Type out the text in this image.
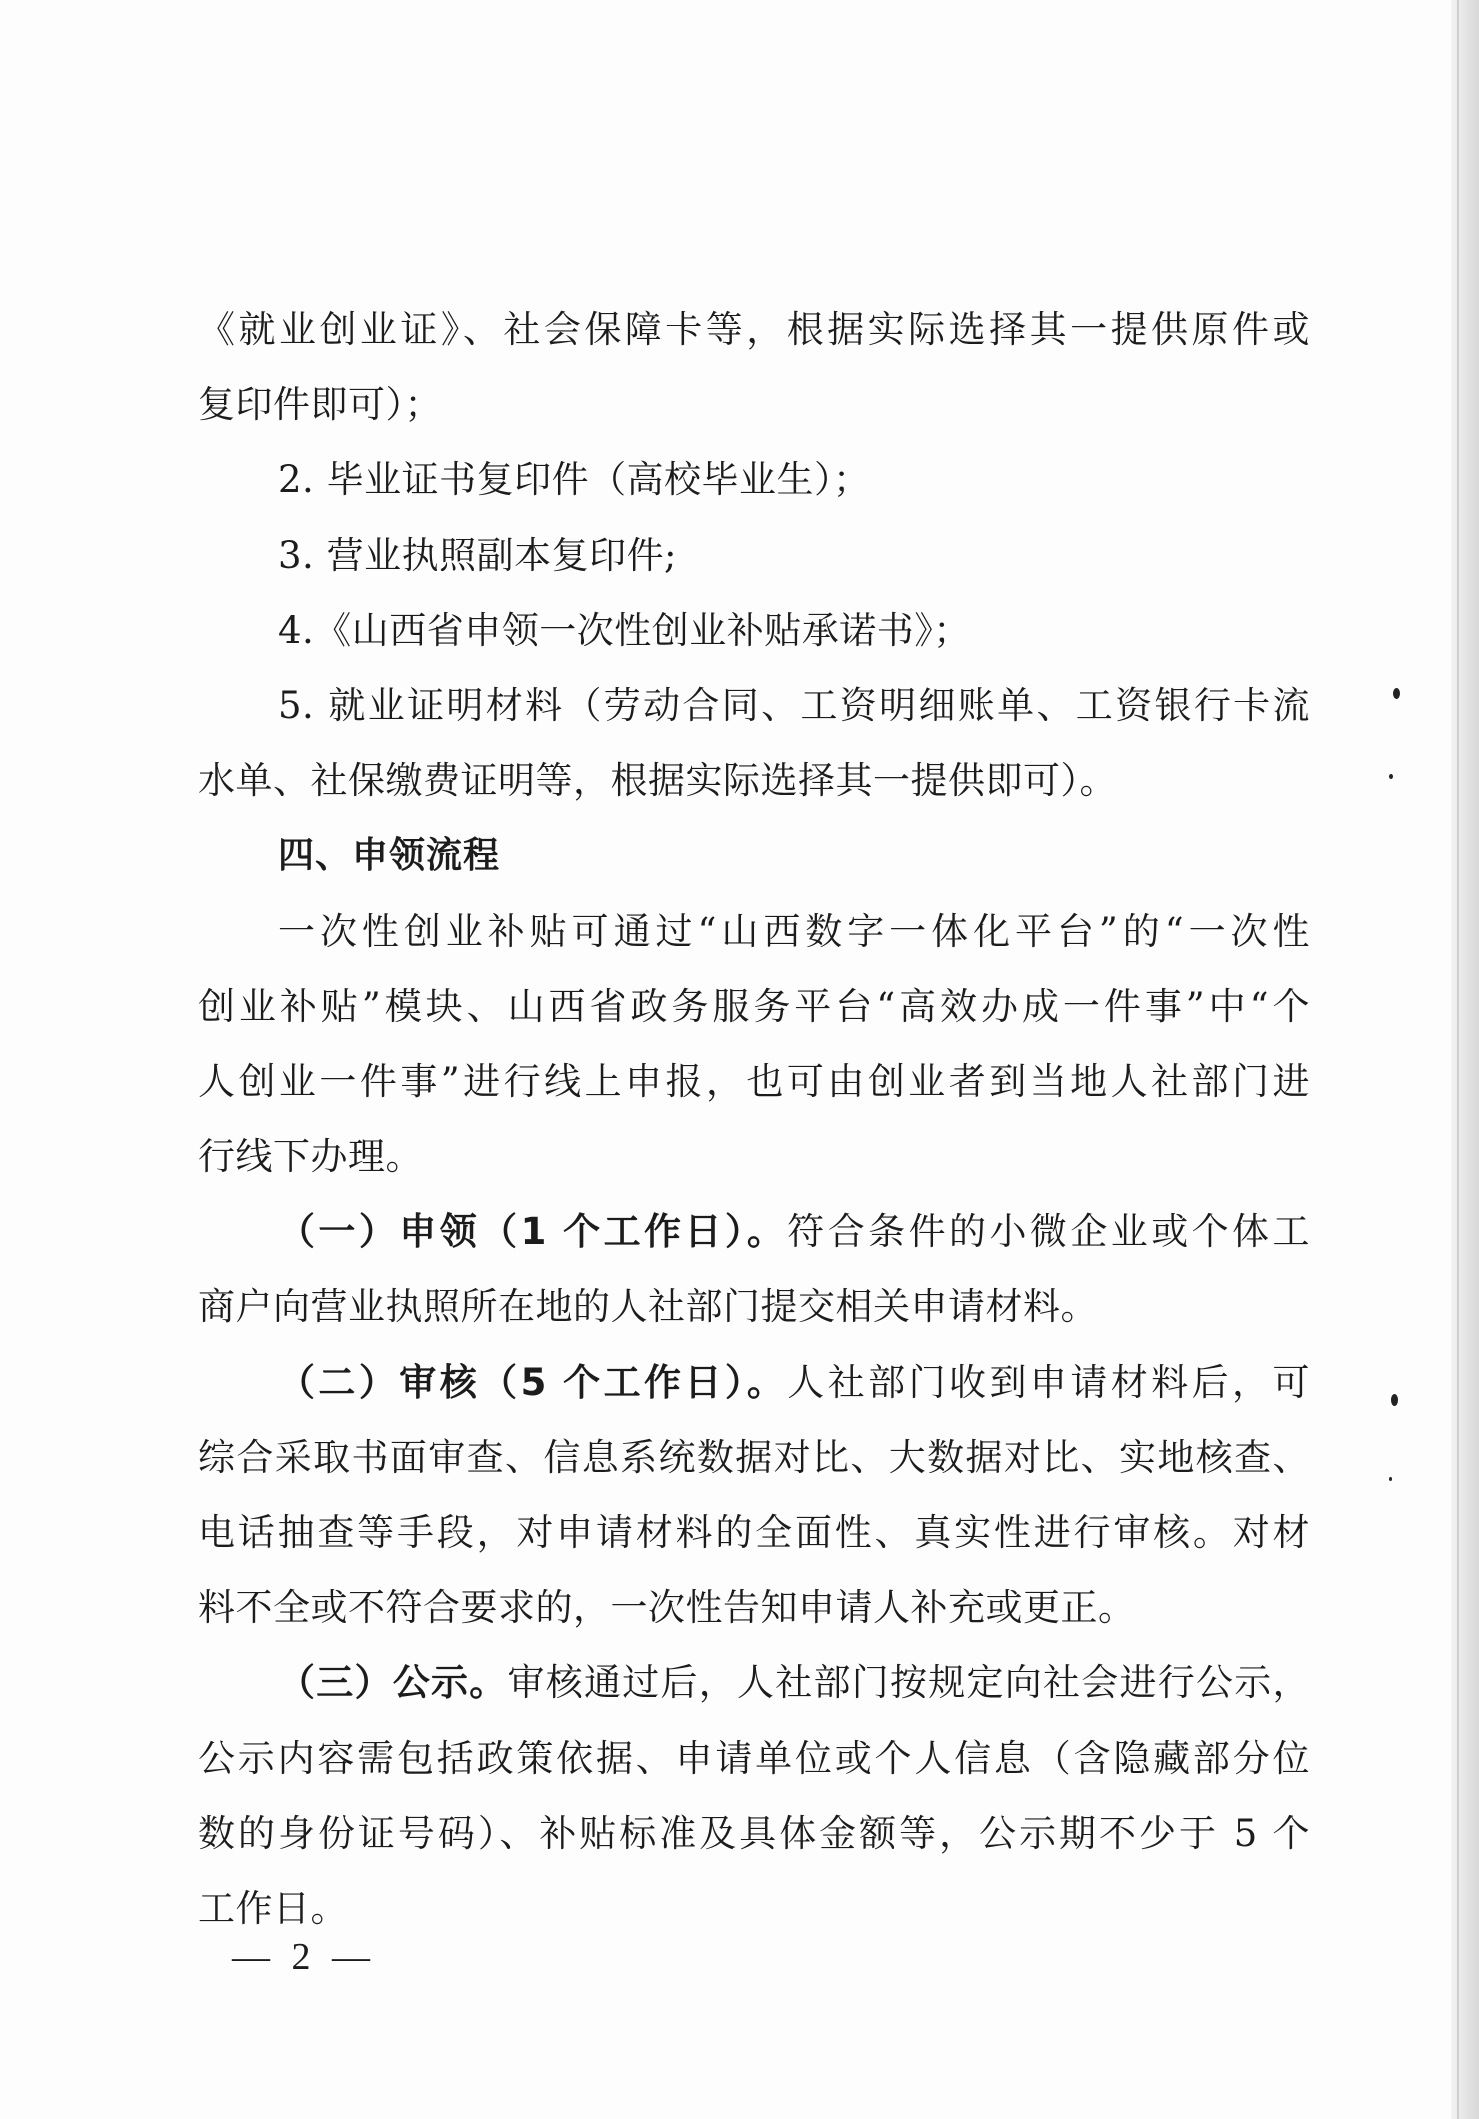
《就业创业证》、社会保障卡等，根据实际选择其一提供原件或
复印件即可）；
2. 毕业证书复印件（高校毕业生）；
3. 营业执照副本复印件;
4.《山西省申领一次性创业补贴承诺书》；
5. 就业证明材料（劳动合同、工资明细账单、工资银行卡流
水单、社保缴费证明等，根据实际选择其一提供即可）。
四、申领流程
一次性创业补贴可通过“山西数字一体化平台”的“一次性
创业补贴”模块、山西省政务服务平台“高效办成一件事”中“个
人创业一件事”进行线上申报，也可由创业者到当地人社部门进
行线下办理。
（一）申领（1 个工作日）。符合条件的小微企业或个体工
商户向营业执照所在地的人社部门提交相关申请材料。
（二）审核（5 个工作日）。人社部门收到申请材料后，可
综合采取书面审查、信息系统数据对比、大数据对比、实地核查、
电话抽查等手段，对申请材料的全面性、真实性进行审核。对材
料不全或不符合要求的，一次性告知申请人补充或更正。
（三）公示。审核通过后，人社部门按规定向社会进行公示，
公示内容需包括政策依据、申请单位或个人信息（含隐藏部分位
数的身份证号码）、补贴标准及具体金额等，公示期不少于 5 个
工作日。
— 2 —
